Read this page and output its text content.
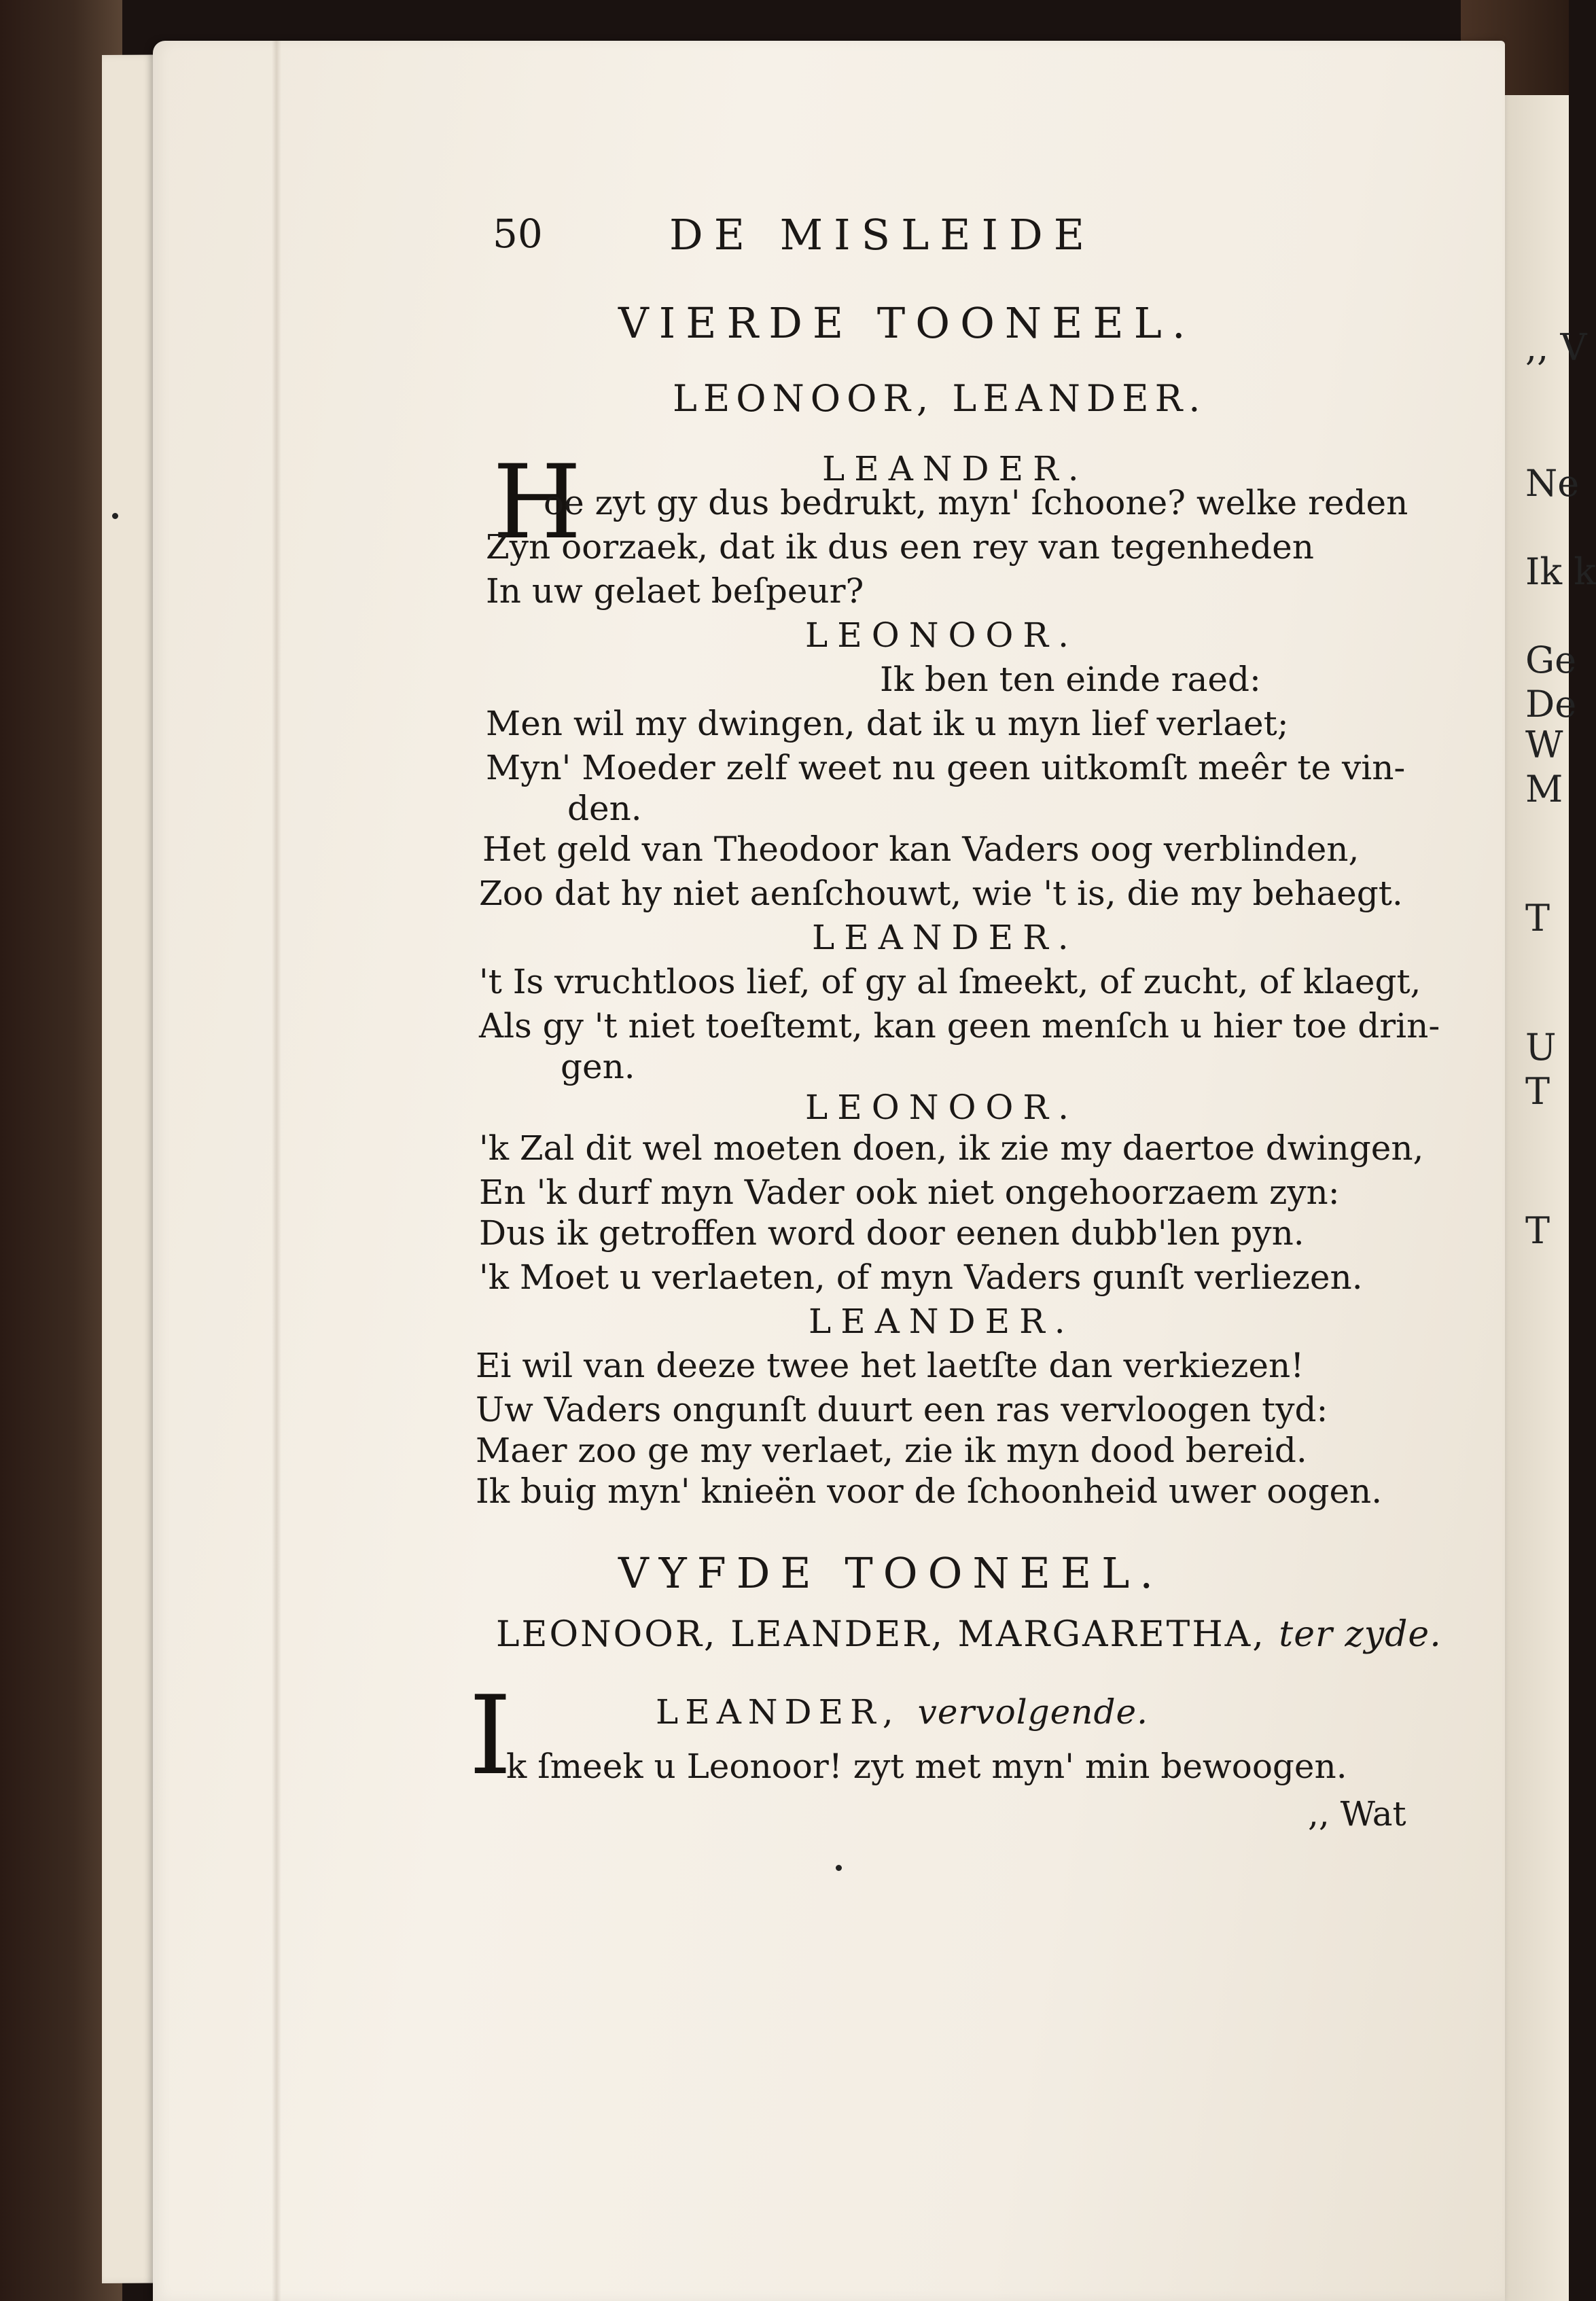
,, V
Ne
Ik k
Ge
De
W
M
T
U
T
T
50	DE MISLEIDE
VIERDE TOONEEL.
LEONOOR, LEANDER.
H	LEANDER.
oe zyt gy dus bedrukt, myn' ſchoone? welke reden
Zyn oorzaek, dat ik dus een rey van tegenheden
In uw gelaet beſpeur?
LEONOOR.
Ik ben ten einde raed:
Men wil my dwingen, dat ik u myn lief verlaet;
Myn' Moeder zelf weet nu geen uitkomſt meêr te vin-
den.
Het geld van Theodoor kan Vaders oog verblinden,
Zoo dat hy niet aenſchouwt, wie 't is, die my behaegt.
LEANDER.
't Is vruchtloos lief, of gy al ſmeekt, of zucht, of klaegt,
Als gy 't niet toeſtemt, kan geen menſch u hier toe drin-
gen.
LEONOOR.
'k Zal dit wel moeten doen, ik zie my daertoe dwingen,
En 'k durf myn Vader ook niet ongehoorzaem zyn:
Dus ik getroffen word door eenen dubb'len pyn.
'k Moet u verlaeten, of myn Vaders gunſt verliezen.
LEANDER.
Ei wil van deeze twee het laetſte dan verkiezen!
Uw Vaders ongunſt duurt een ras vervloogen tyd:
Maer zoo ge my verlaet, zie ik myn dood bereid.
Ik buig myn' knieën voor de ſchoonheid uwer oogen.
VYFDE TOONEEL.
LEONOOR, LEANDER, MARGARETHA, ter zyde.
I	LEANDER, vervolgende.
k ſmeek u Leonoor! zyt met myn' min bewoogen.
,, Wat
